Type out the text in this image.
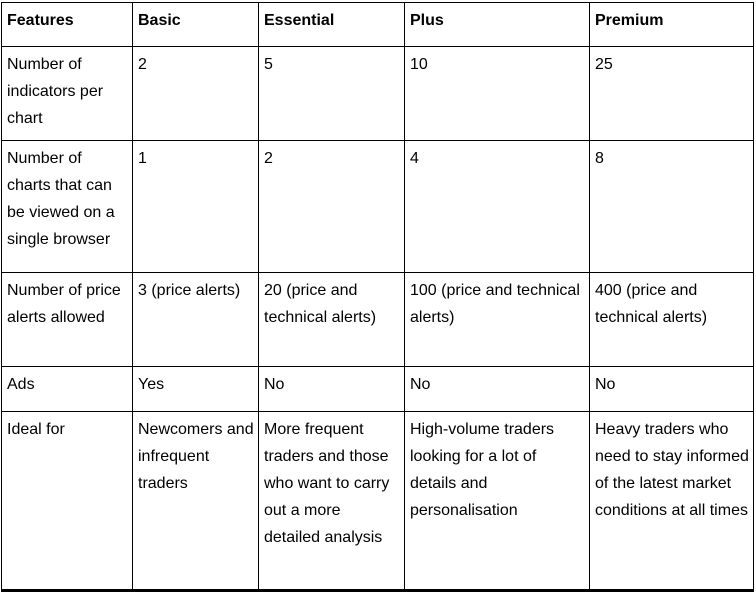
Features	Basic	Essential	Plus	Premium
Number of indicators per chart	2	5	10	25
Number of charts that can be viewed on a single browser	1	2	4	8
Number of price alerts allowed	3 (price alerts)	20 (price and technical alerts)	100 (price and technical alerts)	400 (price and technical alerts)
Ads	Yes	No	No	No
Ideal for	Newcomers and infrequent traders	More frequent traders and those who want to carry out a more detailed analysis	High-volume traders looking for a lot of details and personalisation	Heavy traders who need to stay informed of the latest market conditions at all times
